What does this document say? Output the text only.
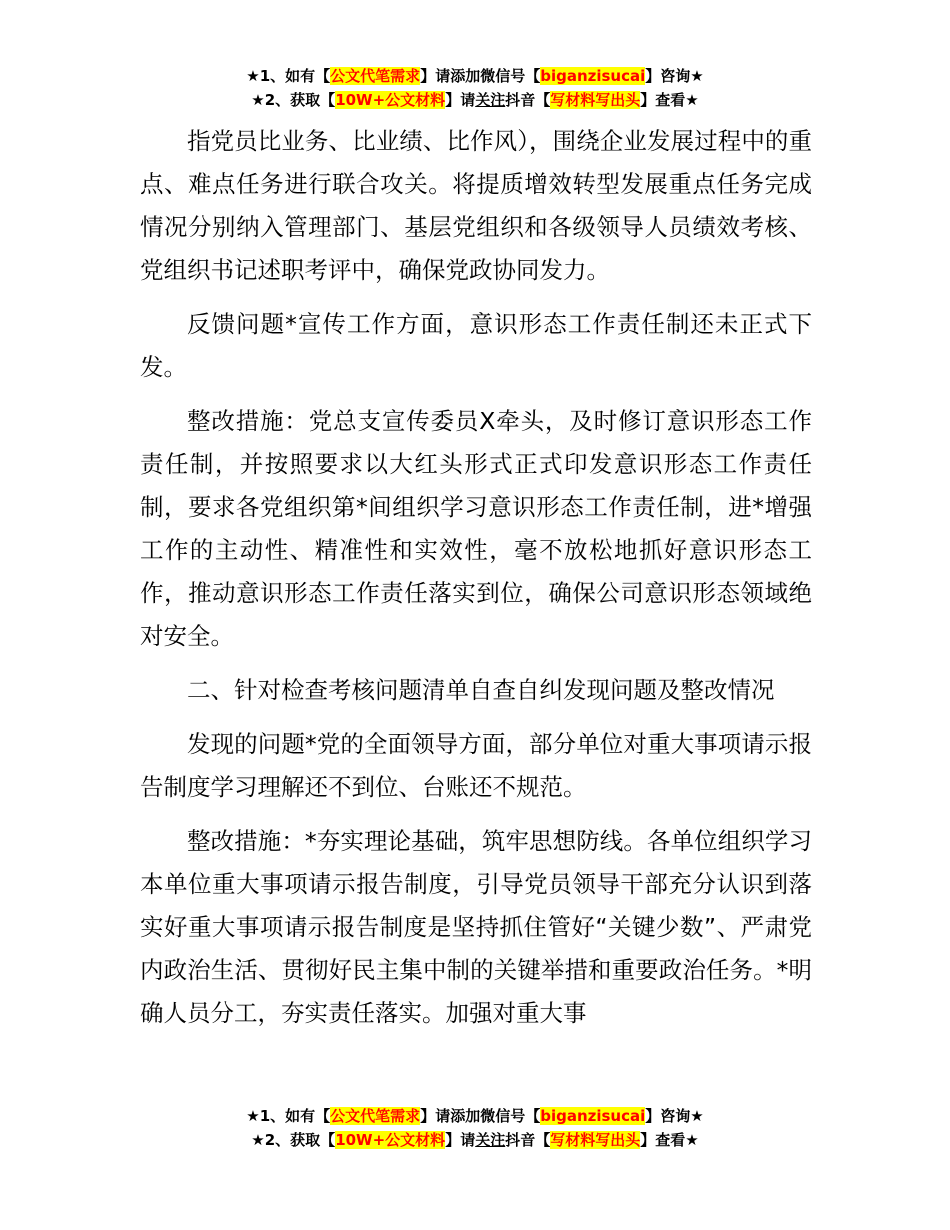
★1、如有【公文代笔需求】请添加微信号【biganzisucai】咨询★
★2、获取【10W+公文材料】请关注抖音【写材料写出头】查看★

指党员比业务、比业绩、比作风），围绕企业发展过程中的重点、难点任务进行联合攻关。将提质增效转型发展重点任务完成情况分别纳入管理部门、基层党组织和各级领导人员绩效考核、党组织书记述职考评中，确保党政协同发力。

反馈问题*宣传工作方面，意识形态工作责任制还未正式下发。

整改措施：党总支宣传委员X牵头，及时修订意识形态工作责任制，并按照要求以大红头形式正式印发意识形态工作责任制，要求各党组织第*间组织学习意识形态工作责任制，进*增强工作的主动性、精准性和实效性，毫不放松地抓好意识形态工作，推动意识形态工作责任落实到位，确保公司意识形态领域绝对安全。

二、针对检查考核问题清单自查自纠发现问题及整改情况

发现的问题*党的全面领导方面，部分单位对重大事项请示报告制度学习理解还不到位、台账还不规范。

整改措施：*夯实理论基础，筑牢思想防线。各单位组织学习本单位重大事项请示报告制度，引导党员领导干部充分认识到落实好重大事项请示报告制度是坚持抓住管好“关键少数”、严肃党内政治生活、贯彻好民主集中制的关键举措和重要政治任务。*明确人员分工，夯实责任落实。加强对重大事

★1、如有【公文代笔需求】请添加微信号【biganzisucai】咨询★
★2、获取【10W+公文材料】请关注抖音【写材料写出头】查看★
